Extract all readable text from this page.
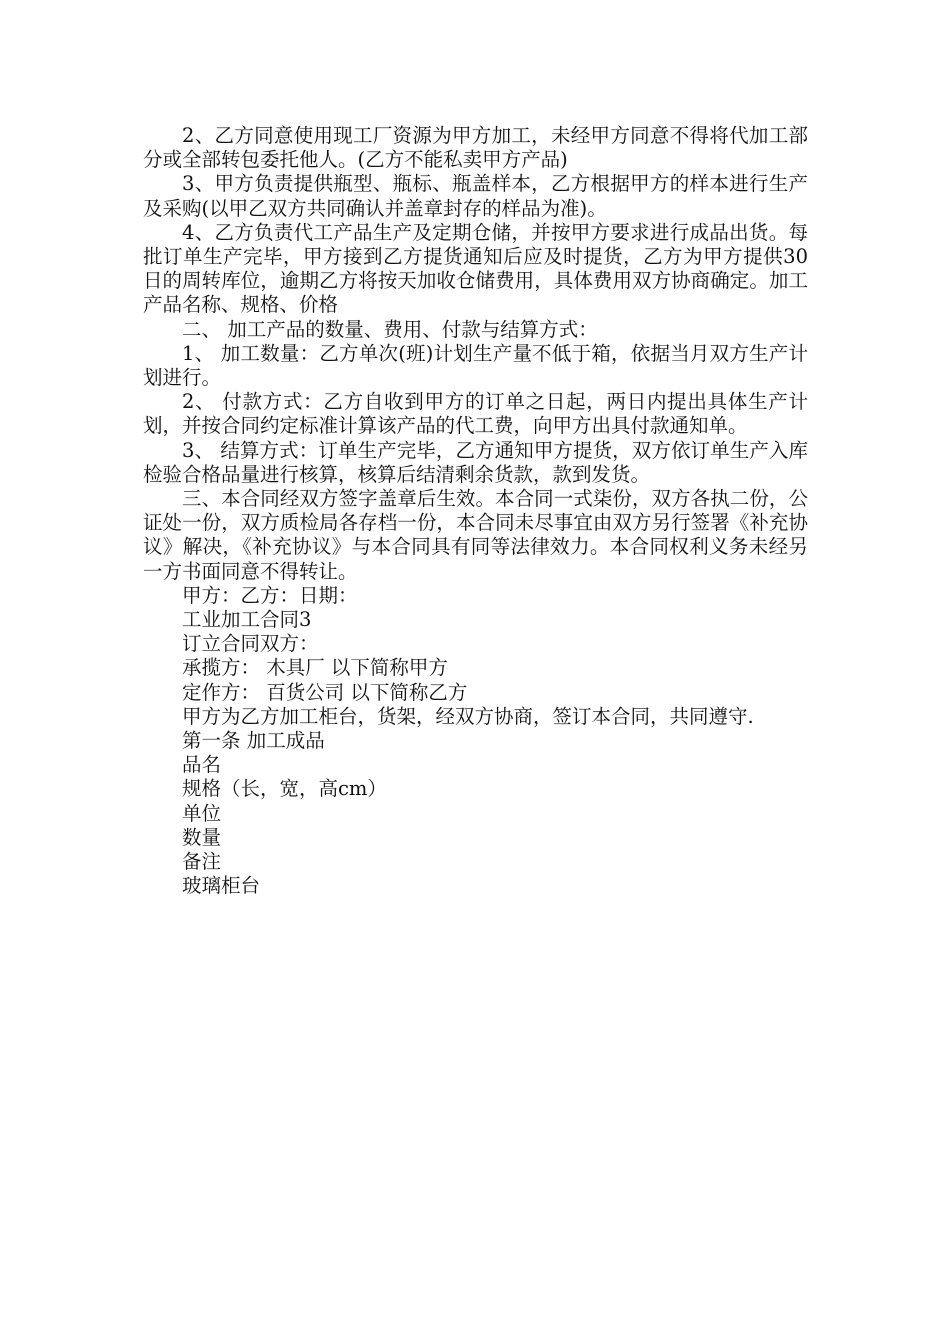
2、乙方同意使用现工厂资源为甲方加工，未经甲方同意不得将代加工部分或全部转包委托他人。(乙方不能私卖甲方产品)

3、甲方负责提供瓶型、瓶标、瓶盖样本，乙方根据甲方的样本进行生产及采购(以甲乙双方共同确认并盖章封存的样品为准)。

4、乙方负责代工产品生产及定期仓储，并按甲方要求进行成品出货。每批订单生产完毕，甲方接到乙方提货通知后应及时提货，乙方为甲方提供30日的周转库位，逾期乙方将按天加收仓储费用，具体费用双方协商确定。加工产品名称、规格、价格

二、 加工产品的数量、费用、付款与结算方式：

1、 加工数量：乙方单次(班)计划生产量不低于箱，依据当月双方生产计划进行。

2、 付款方式：乙方自收到甲方的订单之日起，两日内提出具体生产计划，并按合同约定标准计算该产品的代工费，向甲方出具付款通知单。

3、 结算方式：订单生产完毕，乙方通知甲方提货，双方依订单生产入库检验合格品量进行核算，核算后结清剩余货款，款到发货。

三、本合同经双方签字盖章后生效。本合同一式柒份，双方各执二份，公证处一份，双方质检局各存档一份，本合同未尽事宜由双方另行签署《补充协议》解决，《补充协议》与本合同具有同等法律效力。本合同权利义务未经另一方书面同意不得转让。

甲方：乙方：日期：

工业加工合同3

订立合同双方：

承揽方： 木具厂 以下简称甲方

定作方： 百货公司 以下简称乙方

甲方为乙方加工柜台，货架，经双方协商，签订本合同，共同遵守.

第一条 加工成品

品名

规格（长，宽，高cm）

单位

数量

备注

玻璃柜台
